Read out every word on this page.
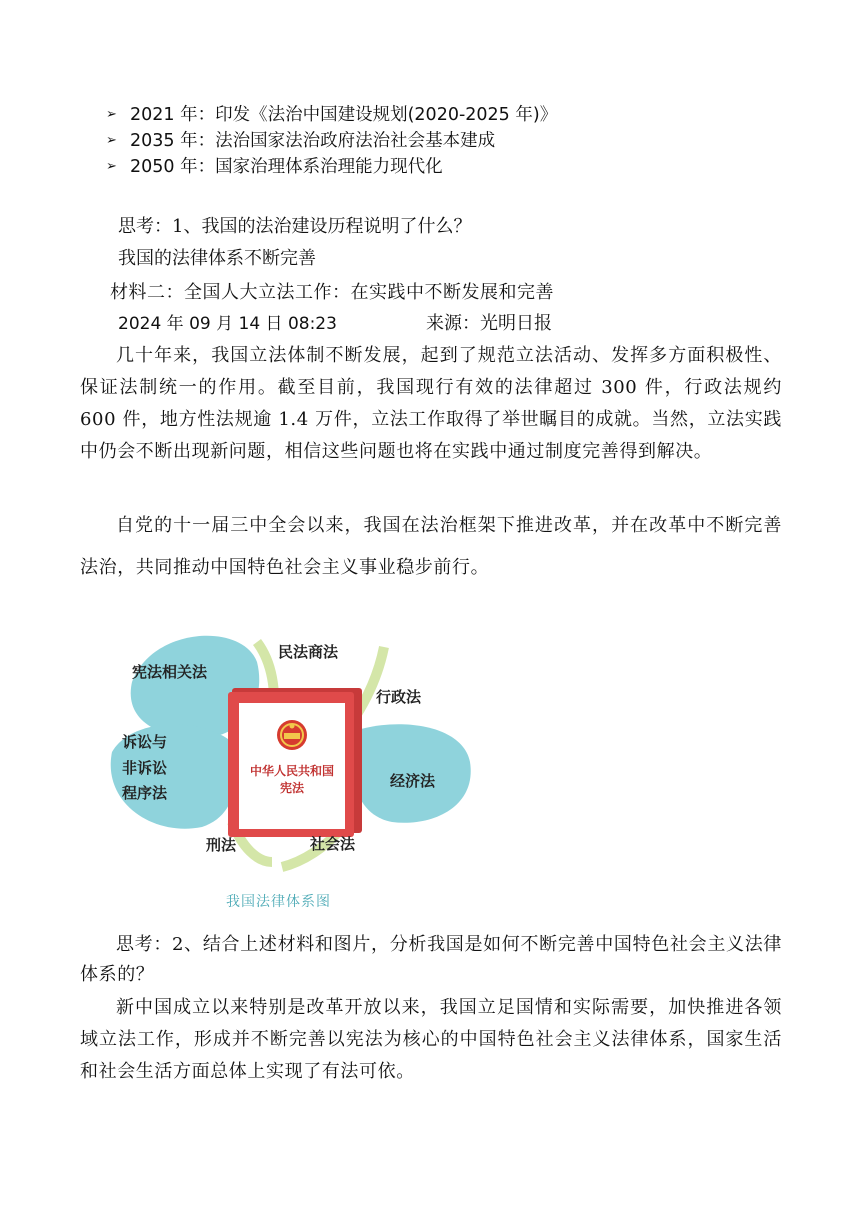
➢ 2021 年：印发《法治中国建设规划(2020-2025 年)》
➢ 2035 年：法治国家法治政府法治社会基本建成
➢ 2050 年：国家治理体系治理能力现代化
思考：1、我国的法治建设历程说明了什么？
我国的法律体系不断完善
材料二：全国人大立法工作：在实践中不断发展和完善
2024 年 09 月 14 日 08:23	来源：光明日报
几十年来，我国立法体制不断发展，起到了规范立法活动、发挥多方面积极性、保证法制统一的作用。截至目前，我国现行有效的法律超过 300 件，行政法规约 600 件，地方性法规逾 1.4 万件，立法工作取得了举世瞩目的成就。当然，立法实践中仍会不断出现新问题，相信这些问题也将在实践中通过制度完善得到解决。
自党的十一届三中全会以来，我国在法治框架下推进改革，并在改革中不断完善法治，共同推动中国特色社会主义事业稳步前行。
中华人民共和国
宪法
宪法相关法
民法商法
行政法
诉讼与
非诉讼
程序法
经济法
刑法	社会法
我国法律体系图
思考：2、结合上述材料和图片，分析我国是如何不断完善中国特色社会主义法律体系的？
新中国成立以来特别是改革开放以来，我国立足国情和实际需要，加快推进各领域立法工作，形成并不断完善以宪法为核心的中国特色社会主义法律体系，国家生活和社会生活方面总体上实现了有法可依。
